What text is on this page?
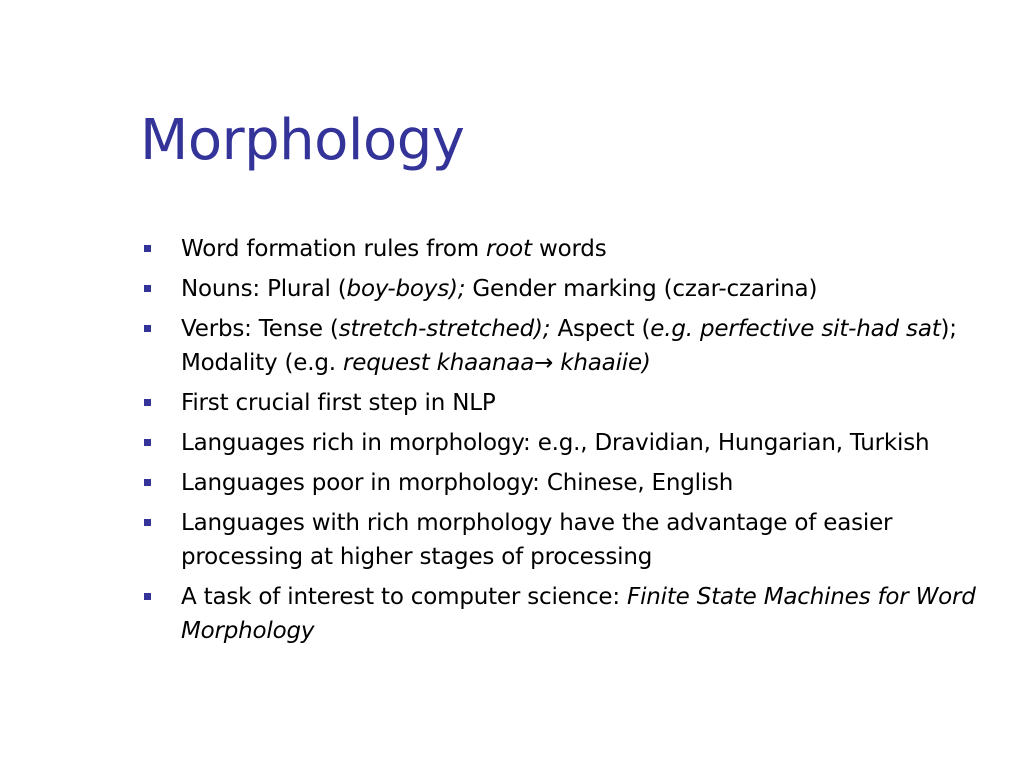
Morphology
Word formation rules from root words
Nouns: Plural (boy-boys); Gender marking (czar-czarina)
Verbs: Tense (stretch-stretched); Aspect (e.g. perfective sit-had sat); Modality (e.g. request khaanaa→ khaaiie)
First crucial first step in NLP
Languages rich in morphology: e.g., Dravidian, Hungarian, Turkish
Languages poor in morphology: Chinese, English
Languages with rich morphology have the advantage of easier processing at higher stages of processing
A task of interest to computer science: Finite State Machines for Word Morphology
